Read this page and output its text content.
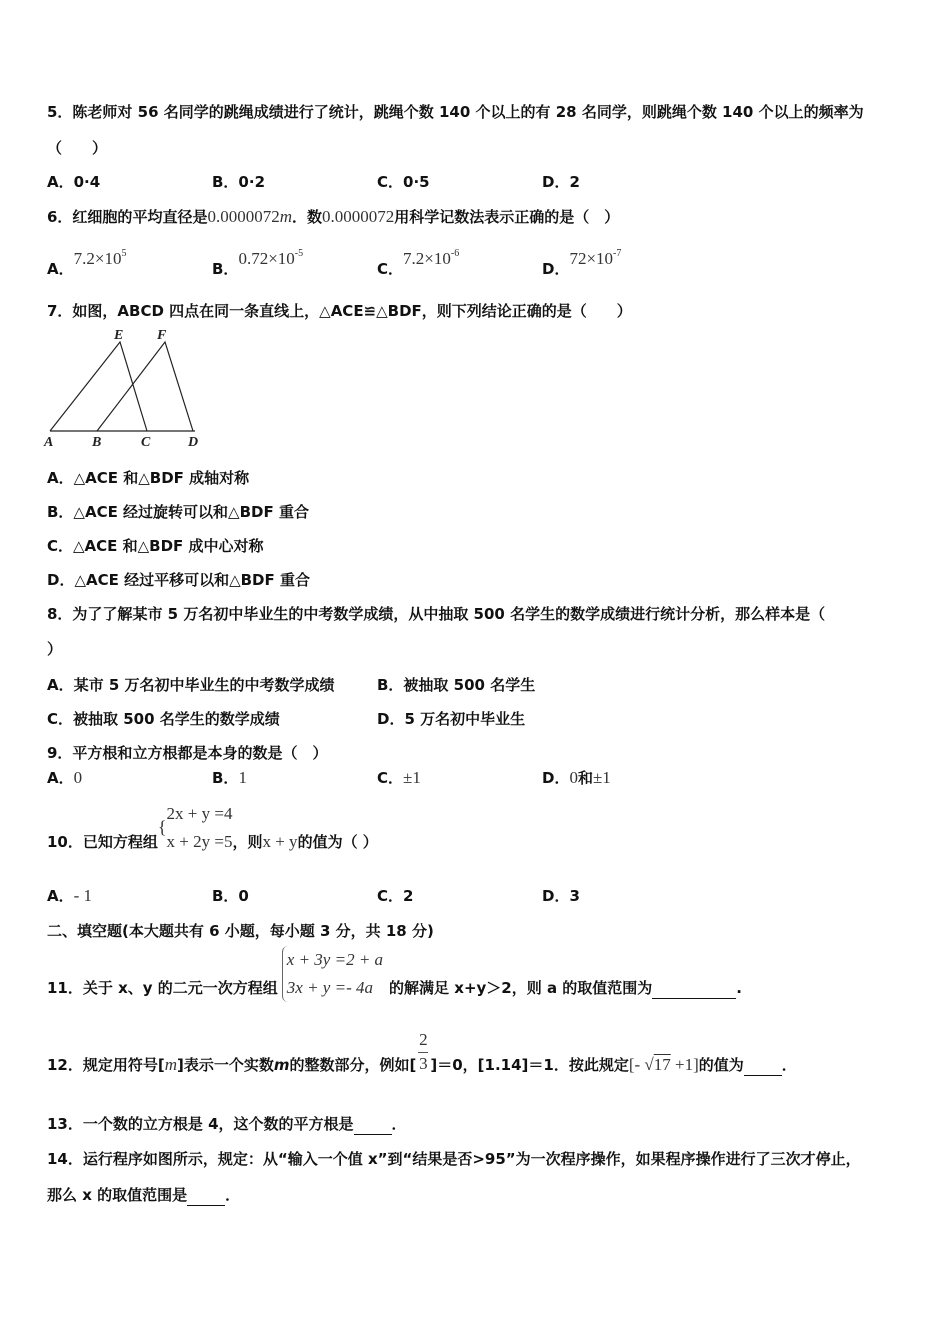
5．陈老师对 56 名同学的跳绳成绩进行了统计，跳绳个数 140 个以上的有 28 名同学，则跳绳个数 140 个以上的频率为
（　　）
A．0·4	B．0·2	C．0·5	D．2
6．红细胞的平均直径是0.0000072m．数0.0000072用科学记数法表示正确的是（　）
A．$7.2\times 10^5$
B．$0.72\times 10^{-5}$
C．$7.2\times 10^{-6}$
D．$72\times 10^{-7}$
7．如图，ABCD 四点在同一条直线上，△ACE≌△BDF，则下列结论正确的是（　　）
E F
A	B	C	D
A．△ACE 和△BDF 成轴对称
B．△ACE 经过旋转可以和△BDF 重合
C．△ACE 和△BDF 成中心对称
D．△ACE 经过平移可以和△BDF 重合
8．为了了解某市 5 万名初中毕业生的中考数学成绩，从中抽取 500 名学生的数学成绩进行统计分析，那么样本是（
）
A．某市 5 万名初中毕业生的中考数学成绩	B．被抽取 500 名学生
C．被抽取 500 名学生的数学成绩	D．5 万名初中毕业生
9．平方根和立方根都是本身的数是（　）
A．0	B．1	C．±1	D．0和±1
10．已知方程组{
2x + y =4
x + 2y =5 ，则x + y的值为（ ）
A．- 1	B．0	C．2	D．3
二、填空题(本大题共有 6 小题，每小题 3 分，共 18 分)
11．关于 x、y 的二元一次方程组
x + 3y =2 + a
3x + y =- 4a	的解满足 x+y＞2，则 a 的取值范围为	.
12．规定用符号[m]表示一个实数m的整数部分，例如[ $\frac{2}{3} ]=0$，[1.14]＝1．按此规定[- √17 +1]的值为	．
13．一个数的立方根是 4，这个数的平方根是	．
14．运行程序如图所示，规定：从“输入一个值 x”到“结果是否>95”为一次程序操作，如果程序操作进行了三次才停止，
那么 x 的取值范围是	．
